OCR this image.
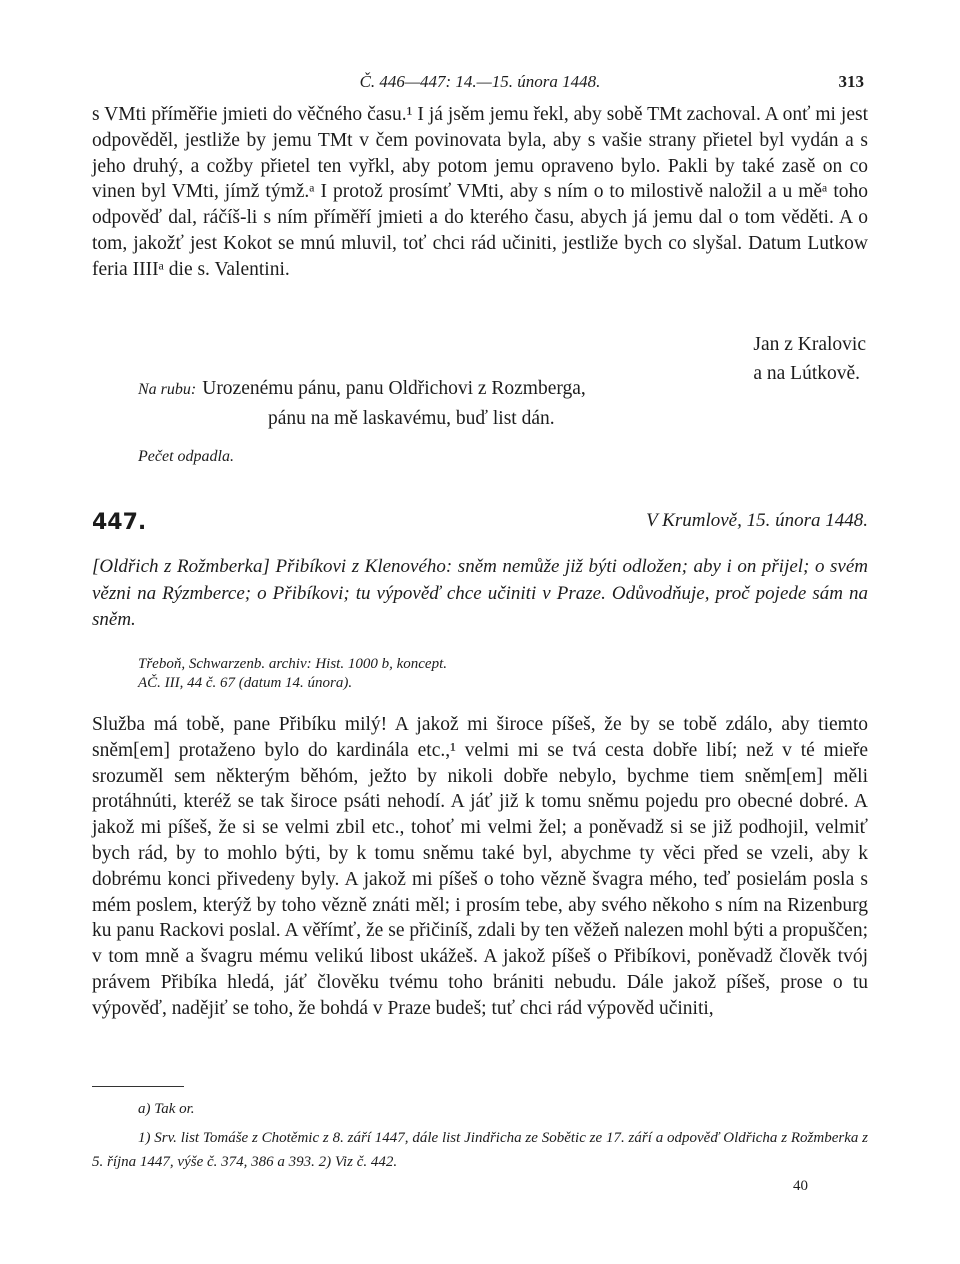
Č. 446—447: 14.—15. února 1448.	313

s VMti příměřie jmieti do věčného času.¹ I já jsěm jemu řekl, aby sobě TMt zachoval. A onť mi jest odpověděl, jestliže by jemu TMt v čem povinovata byla, aby s vašie strany přietel byl vydán a s jeho druhý, a cožby přietel ten vyřkl, aby potom jemu opraveno bylo. Pakli by také zasě on co vinen byl VMti, jímž týmž.ᵃ I protož prosímť VMti, aby s ním o to milostivě naložil a u měᵃ toho odpověď dal, ráčíš-li s ním příměří jmieti a do kterého času, abych já jemu dal o tom věděti. A o tom, jakožť jest Kokot se mnú mluvil, toť chci rád učiniti, jestliže bych co slyšal. Datum Lutkow feria IIIIᵃ die s. Valentini.

Jan z Kralovic
a na Lútkově.
Na rubu: Urozenému pánu, panu Oldřichovi z Rozmberga,
pánu na mě laskavému, buď list dán.
Pečet odpadla.
447.	V Krumlově, 15. února 1448.
[Oldřich z Rožmberka] Přibíkovi z Klenového: sněm nemůže již býti odložen; aby i on přijel; o svém vězni na Rýzmberce; o Přibíkovi; tu výpověď chce učiniti v Praze. Odůvodňuje, proč pojede sám na sněm.
Třeboň, Schwarzenb. archiv: Hist. 1000 b, koncept.
AČ. III, 44 č. 67 (datum 14. února).

Služba má tobě, pane Přibíku milý! A jakož mi široce píšeš, že by se tobě zdálo, aby tiemto sněm[em] protaženo bylo do kardinála etc.,¹ velmi mi se tvá cesta dobře libí; než v té mieře srozuměl sem některým běhóm, ježto by nikoli dobře nebylo, bychme tiem sněm[em] měli protáhnúti, kteréž se tak široce psáti nehodí. A jáť již k tomu sněmu pojedu pro obecné dobré. A jakož mi píšeš, že si se velmi zbil etc., tohoť mi velmi žel; a poněvadž si se již podhojil, velmiť bych rád, by to mohlo býti, by k tomu sněmu také byl, abychme ty věci před se vzeli, aby k dobrému konci přivedeny byly. A jakož mi píšeš o toho vězně švagra mého, teď posielám posla s mém poslem, kterýž by toho vězně znáti měl; i prosím tebe, aby svého někoho s ním na Rizenburg ku panu Rackovi poslal. A věřímť, že se přičiníš, zdali by ten věžeň nalezen mohl býti a propuščen; v tom mně a švagru mému velikú libost ukážeš. A jakož píšeš o Přibíkovi, poněvadž člověk tvój právem Přibíka hledá, jáť člověku tvému toho brániti nebudu. Dále jakož píšeš, prose o tu výpověď, nadějiť se toho, že bohdá v Praze budeš; tuť chci rád výpověd učiniti,

a) Tak or.
1) Srv. list Tomáše z Chotěmic z 8. září 1447, dále list Jindřicha ze Sobětic ze 17. září a odpověď Oldřicha z Rožmberka z 5. října 1447, výše č. 374, 386 a 393. 2) Viz č. 442.
40
